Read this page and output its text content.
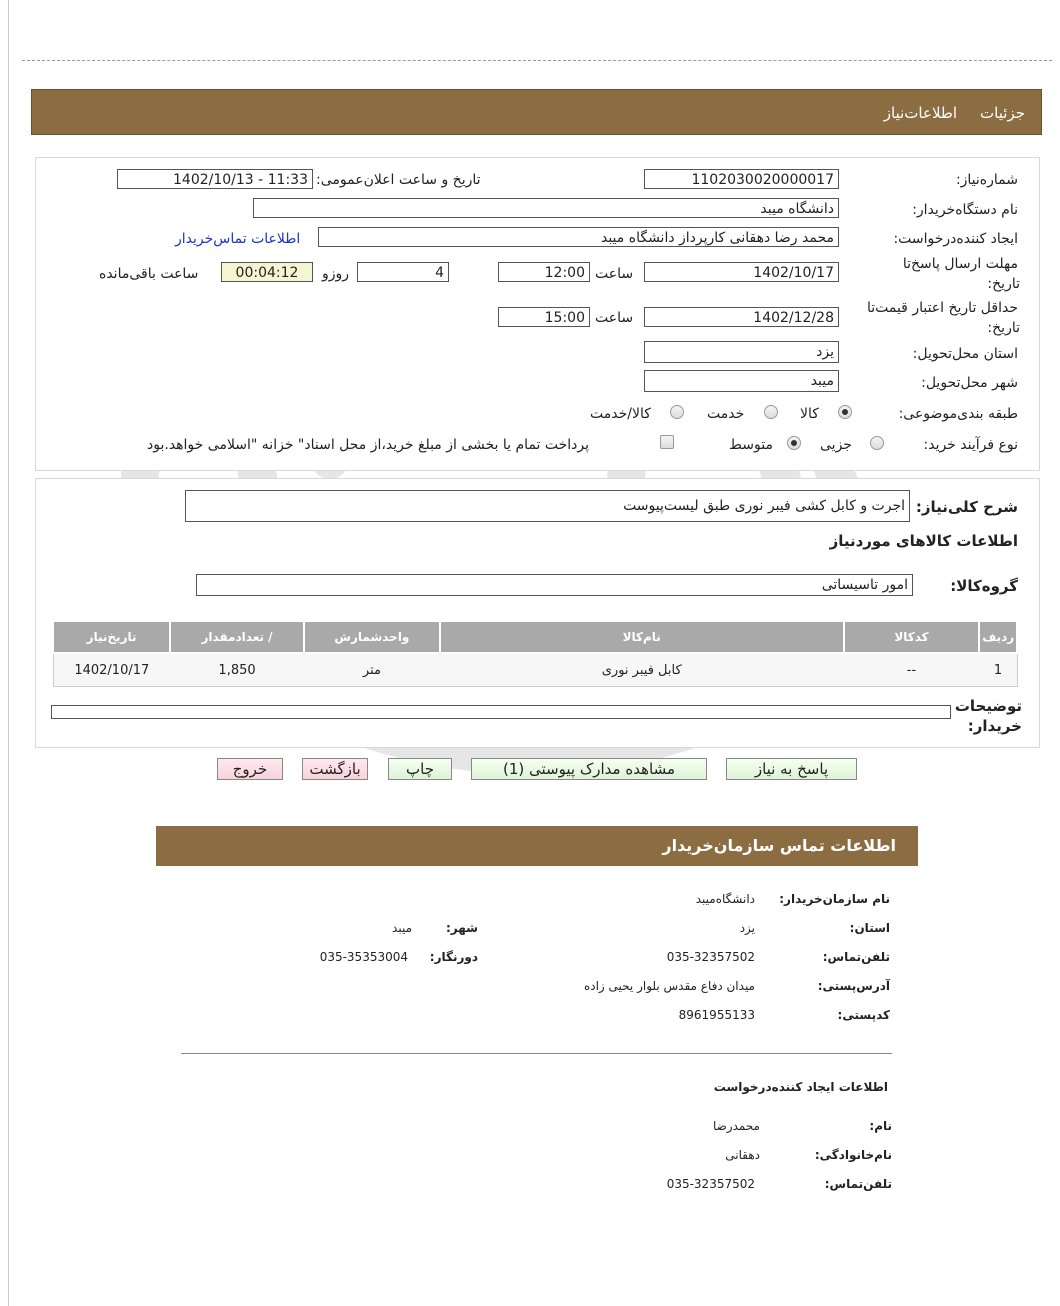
جزئیات
اطلاعات‌نیاز
شماره‌نیاز:
1102030020000017
تاریخ و ساعت اعلان‌عمومی:
1402/10/13 - 11:33
نام دستگاه‌خریدار:
دانشگاه میبد
ایجاد کننده‌درخواست:
محمد رضا دهقانی کارپرداز دانشگاه میبد
اطلاعات تماس‌خریدار
مهلت ارسال پاسخ‌تا
تاریخ:
1402/10/17
ساعت
12:00
4
روزو
00:04:12
ساعت باقی‌مانده
حداقل تاریخ اعتبار قیمت‌تا
تاریخ:
1402/12/28
ساعت
15:00
استان محل‌تحویل:
یزد
شهر محل‌تحویل:
میبد
طبقه بندی‌موضوعی:
کالا
خدمت
کالا/خدمت
نوع فرآیند خرید:
جزیی
متوسط
پرداخت تمام یا بخشی از مبلغ خرید،از محل اسناد" خزانه "اسلامی خواهد.بود
شرح کلی‌نیاز:
اجرت و کابل کشی فیبر نوری طبق لیست‌پیوست
اطلاعات کالاهای موردنیاز
گروه‌کالا:
امور تاسیساتی
تاریخ‌نیاز	تعدادمقدار /	واحدشمارش	نام‌کالا	کدکالا	ردیف
1402/10/17	1,850	متر	کابل فیبر نوری	--	1
توضیحات
خریدار:
پاسخ به نیاز
مشاهده مدارک پیوستی (1)
چاپ
بازگشت
خروج
اطلاعات تماس سازمان‌خریدار
نام سازمان‌خریدار:
دانشگاه‌میبد
استان:
یزد
شهر:
میبد
تلفن‌تماس:
035-32357502
دورنگار:
035-35353004
آدرس‌پستی:
میدان دفاع مقدس بلوار یحیی زاده
کدپستی:
8961955133
اطلاعات ایجاد کننده‌درخواست
نام:
محمدرضا
نام‌خانوادگی:
دهقانی
تلفن‌تماس:
035-32357502
